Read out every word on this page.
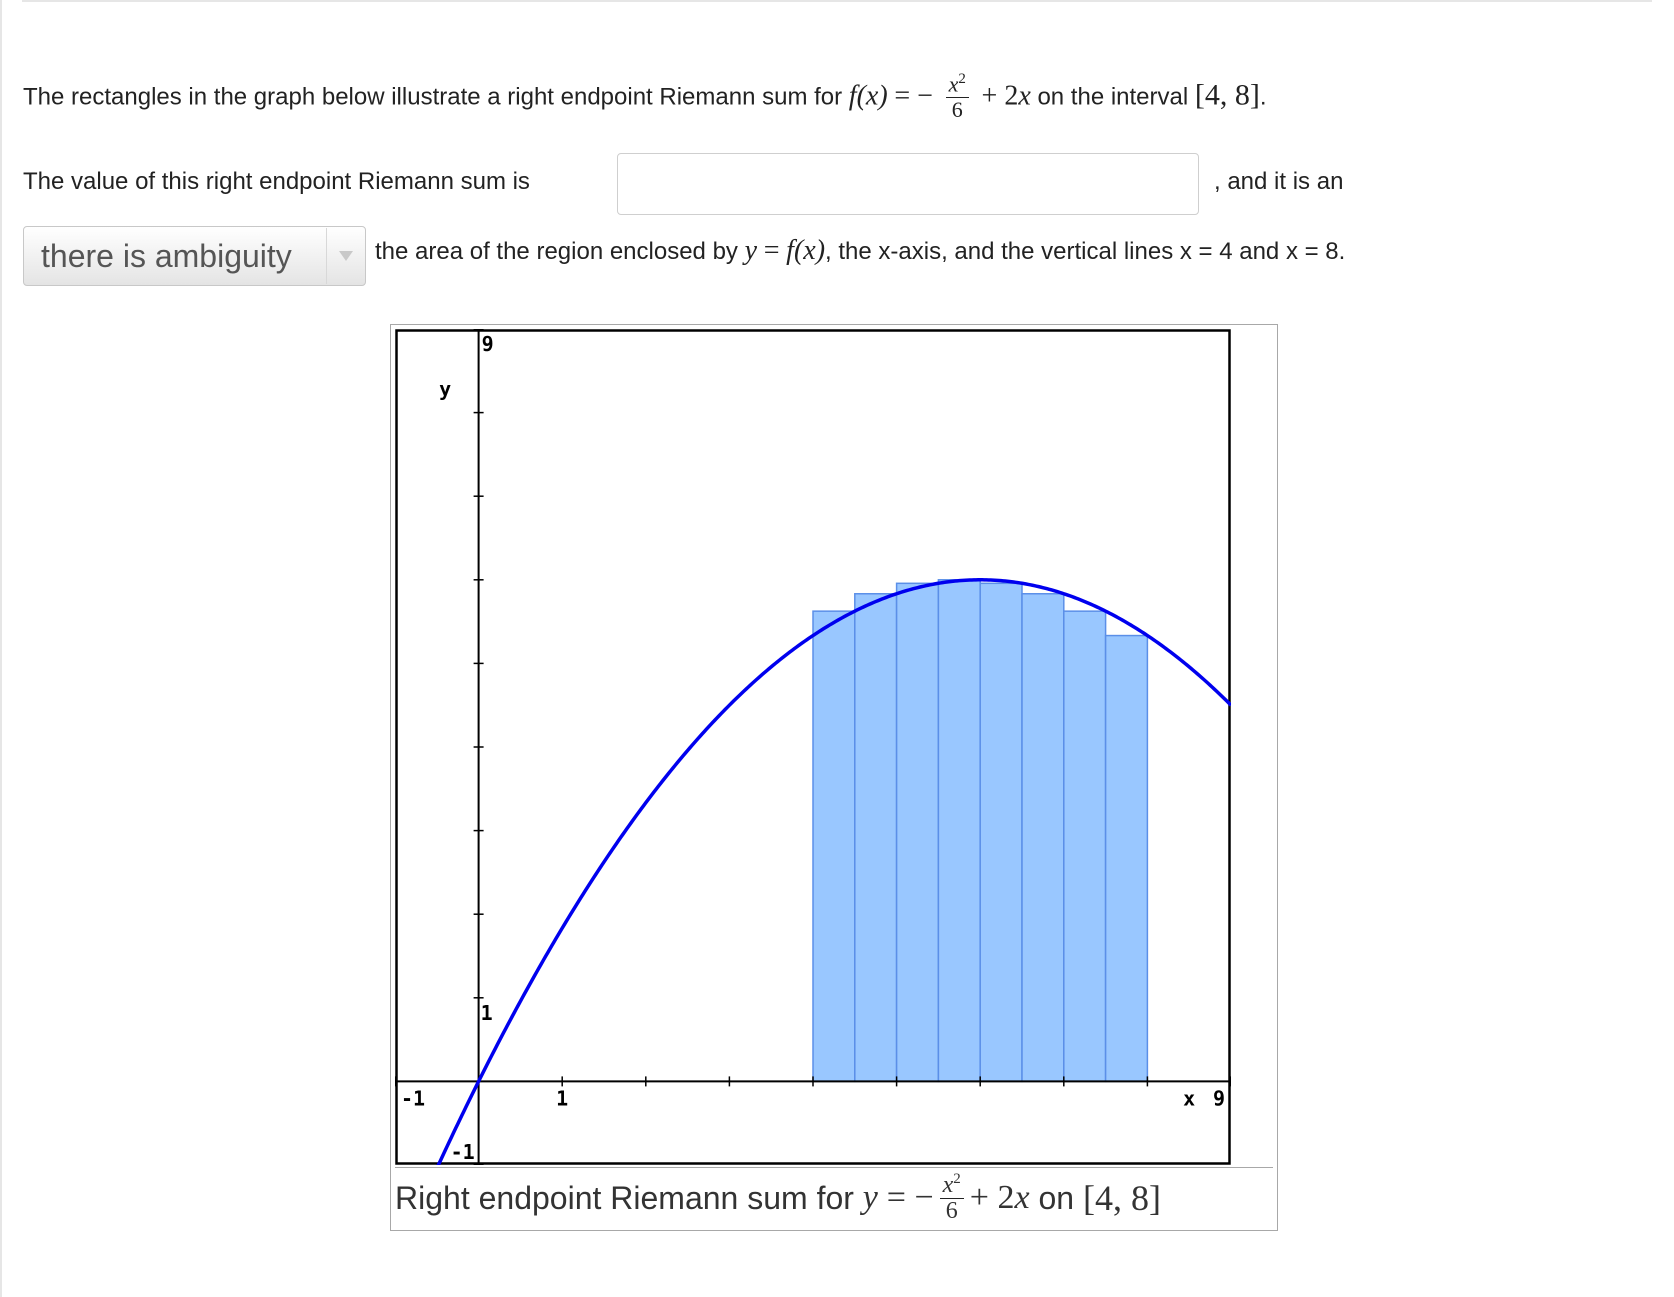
The rectangles in the graph below illustrate a right endpoint Riemann sum for f(x) = − $\frac{x^2}{6} + 2x$ on the interval [4, 8].
The value of this right endpoint Riemann sum is	, and it is an
there is ambiguity	the area of the region enclosed by y = f(x), the x-axis, and the vertical lines x = 4 and x = 8.
-1	1	x 9
9
y
1
-1
Right endpoint Riemann sum for
y
= − $\frac{x^2}{6} + 2$ x
on
[4, 8]
